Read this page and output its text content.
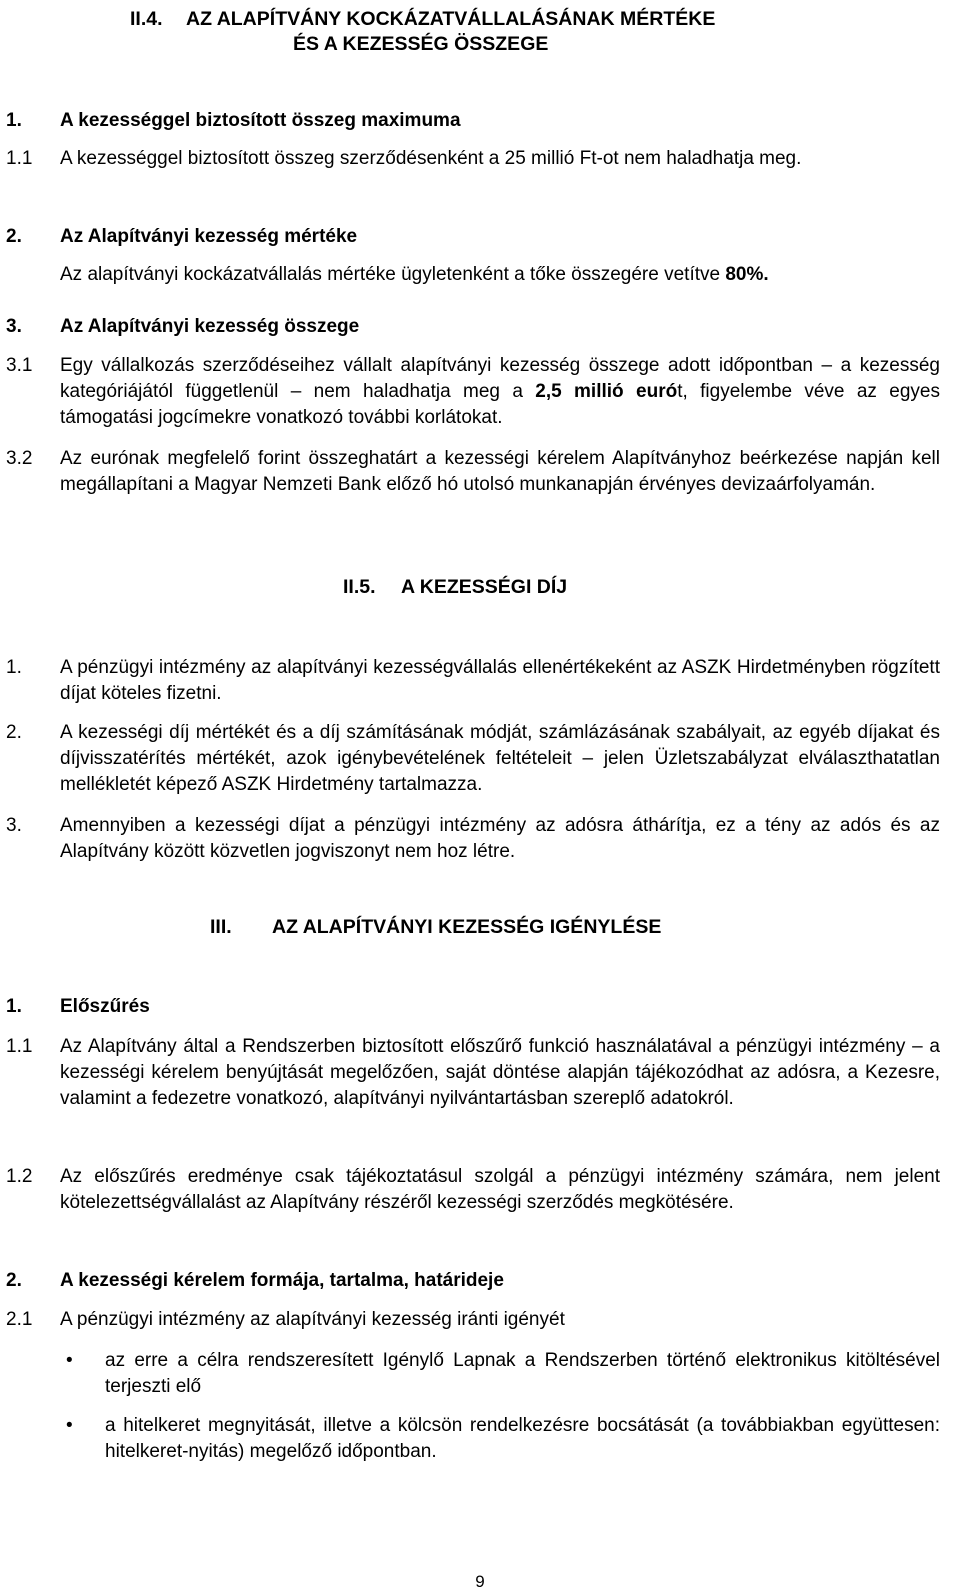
II.4. AZ ALAPÍTVÁNY KOCKÁZATVÁLLALÁSÁNAK MÉRTÉKE
ÉS A KEZESSÉG ÖSSZEGE
1.	A kezességgel biztosított összeg maximuma
1.1	A kezességgel biztosított összeg szerződésenként a 25 millió Ft-ot nem haladhatja meg.
2.	Az Alapítványi kezesség mértéke
Az alapítványi kockázatvállalás mértéke ügyletenként a tőke összegére vetítve 80%.
3.	Az Alapítványi kezesség összege
3.1	Egy vállalkozás szerződéseihez vállalt alapítványi kezesség összege adott időpontban – a kezesség kategóriájától függetlenül – nem haladhatja meg a 2,5 millió eurót, figyelembe véve az egyes támogatási jogcímekre vonatkozó további korlátokat.
3.2	Az eurónak megfelelő forint összeghatárt a kezességi kérelem Alapítványhoz beérkezése napján kell megállapítani a Magyar Nemzeti Bank előző hó utolsó munkanapján érvényes devizaárfolyamán.
II.5. A KEZESSÉGI DÍJ
1.	A pénzügyi intézmény az alapítványi kezességvállalás ellenértékeként az ASZK Hirdetményben rögzített díjat köteles fizetni.
2.	A kezességi díj mértékét és a díj számításának módját, számlázásának szabályait, az egyéb díjakat és díjvisszatérítés mértékét, azok igénybevételének feltételeit – jelen Üzletszabályzat elválaszthatatlan mellékletét képező ASZK Hirdetmény tartalmazza.
3.	Amennyiben a kezességi díjat a pénzügyi intézmény az adósra áthárítja, ez a tény az adós és az Alapítvány között közvetlen jogviszonyt nem hoz létre.
III. AZ ALAPÍTVÁNYI KEZESSÉG IGÉNYLÉSE
1.	Előszűrés
1.1	Az Alapítvány által a Rendszerben biztosított előszűrő funkció használatával a pénzügyi intézmény – a kezességi kérelem benyújtását megelőzően, saját döntése alapján tájékozódhat az adósra, a Kezesre, valamint a fedezetre vonatkozó, alapítványi nyilvántartásban szereplő adatokról.
1.2	Az előszűrés eredménye csak tájékoztatásul szolgál a pénzügyi intézmény számára, nem jelent kötelezettségvállalást az Alapítvány részéről kezességi szerződés megkötésére.
2.	A kezességi kérelem formája, tartalma, határideje
2.1	A pénzügyi intézmény az alapítványi kezesség iránti igényét
• az erre a célra rendszeresített Igénylő Lapnak a Rendszerben történő elektronikus kitöltésével terjeszti elő
• a hitelkeret megnyitását, illetve a kölcsön rendelkezésre bocsátását (a továbbiakban együttesen: hitelkeret-nyitás) megelőző időpontban.
9
